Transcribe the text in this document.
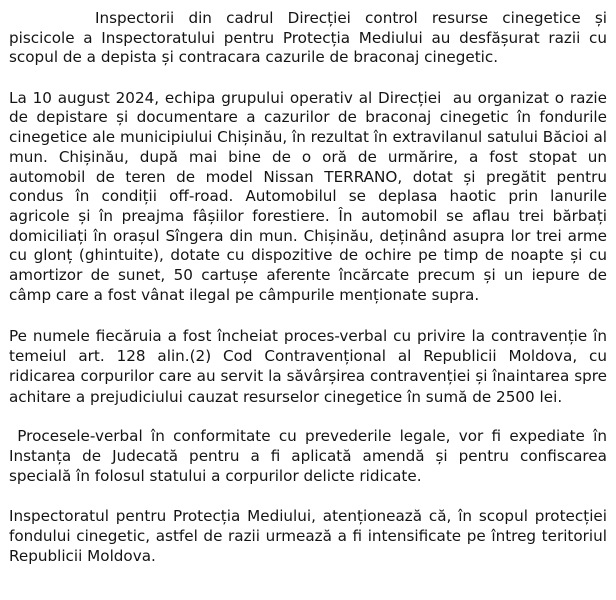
Inspectorii din cadrul Direcției control resurse cinegetice și piscicole a Inspectoratului pentru Protecția Mediului au desfășurat razii cu scopul de a depista și contracara cazurile de braconaj cinegetic.

La 10 august 2024, echipa grupului operativ al Direcției  au organizat o razie de depistare și documentare a cazurilor de braconaj cinegetic în fondurile cinegetice ale municipiului Chișinău, în rezultat în extravilanul satului Băcioi al mun. Chișinău, după mai bine de o oră de urmărire, a fost stopat un automobil de teren de model Nissan TERRANO, dotat și pregătit pentru condus în condiții off-road. Automobilul se deplasa haotic prin lanurile agricole și în preajma fâșiilor forestiere. În automobil se aflau trei bărbați domiciliați în orașul Sîngera din mun. Chișinău, deținând asupra lor trei arme cu glonț (ghintuite), dotate cu dispozitive de ochire pe timp de noapte și cu amortizor de sunet, 50 cartușe aferente încărcate precum și un iepure de câmp care a fost vânat ilegal pe câmpurile menționate supra.

Pe numele fiecăruia a fost încheiat proces-verbal cu privire la contravenție în temeiul art. 128 alin.(2) Cod Contravențional al Republicii Moldova, cu ridicarea corpurilor care au servit la săvârșirea contravenției și înaintarea spre achitare a prejudiciului cauzat resurselor cinegetice în sumă de 2500 lei.

Procesele-verbal în conformitate cu prevederile legale, vor fi expediate în Instanța de Judecată pentru a fi aplicată amendă și pentru confiscarea specială în folosul statului a corpurilor delicte ridicate.

Inspectoratul pentru Protecția Mediului, atenționează că, în scopul protecției fondului cinegetic, astfel de razii urmează a fi intensificate pe întreg teritoriul Republicii Moldova.
